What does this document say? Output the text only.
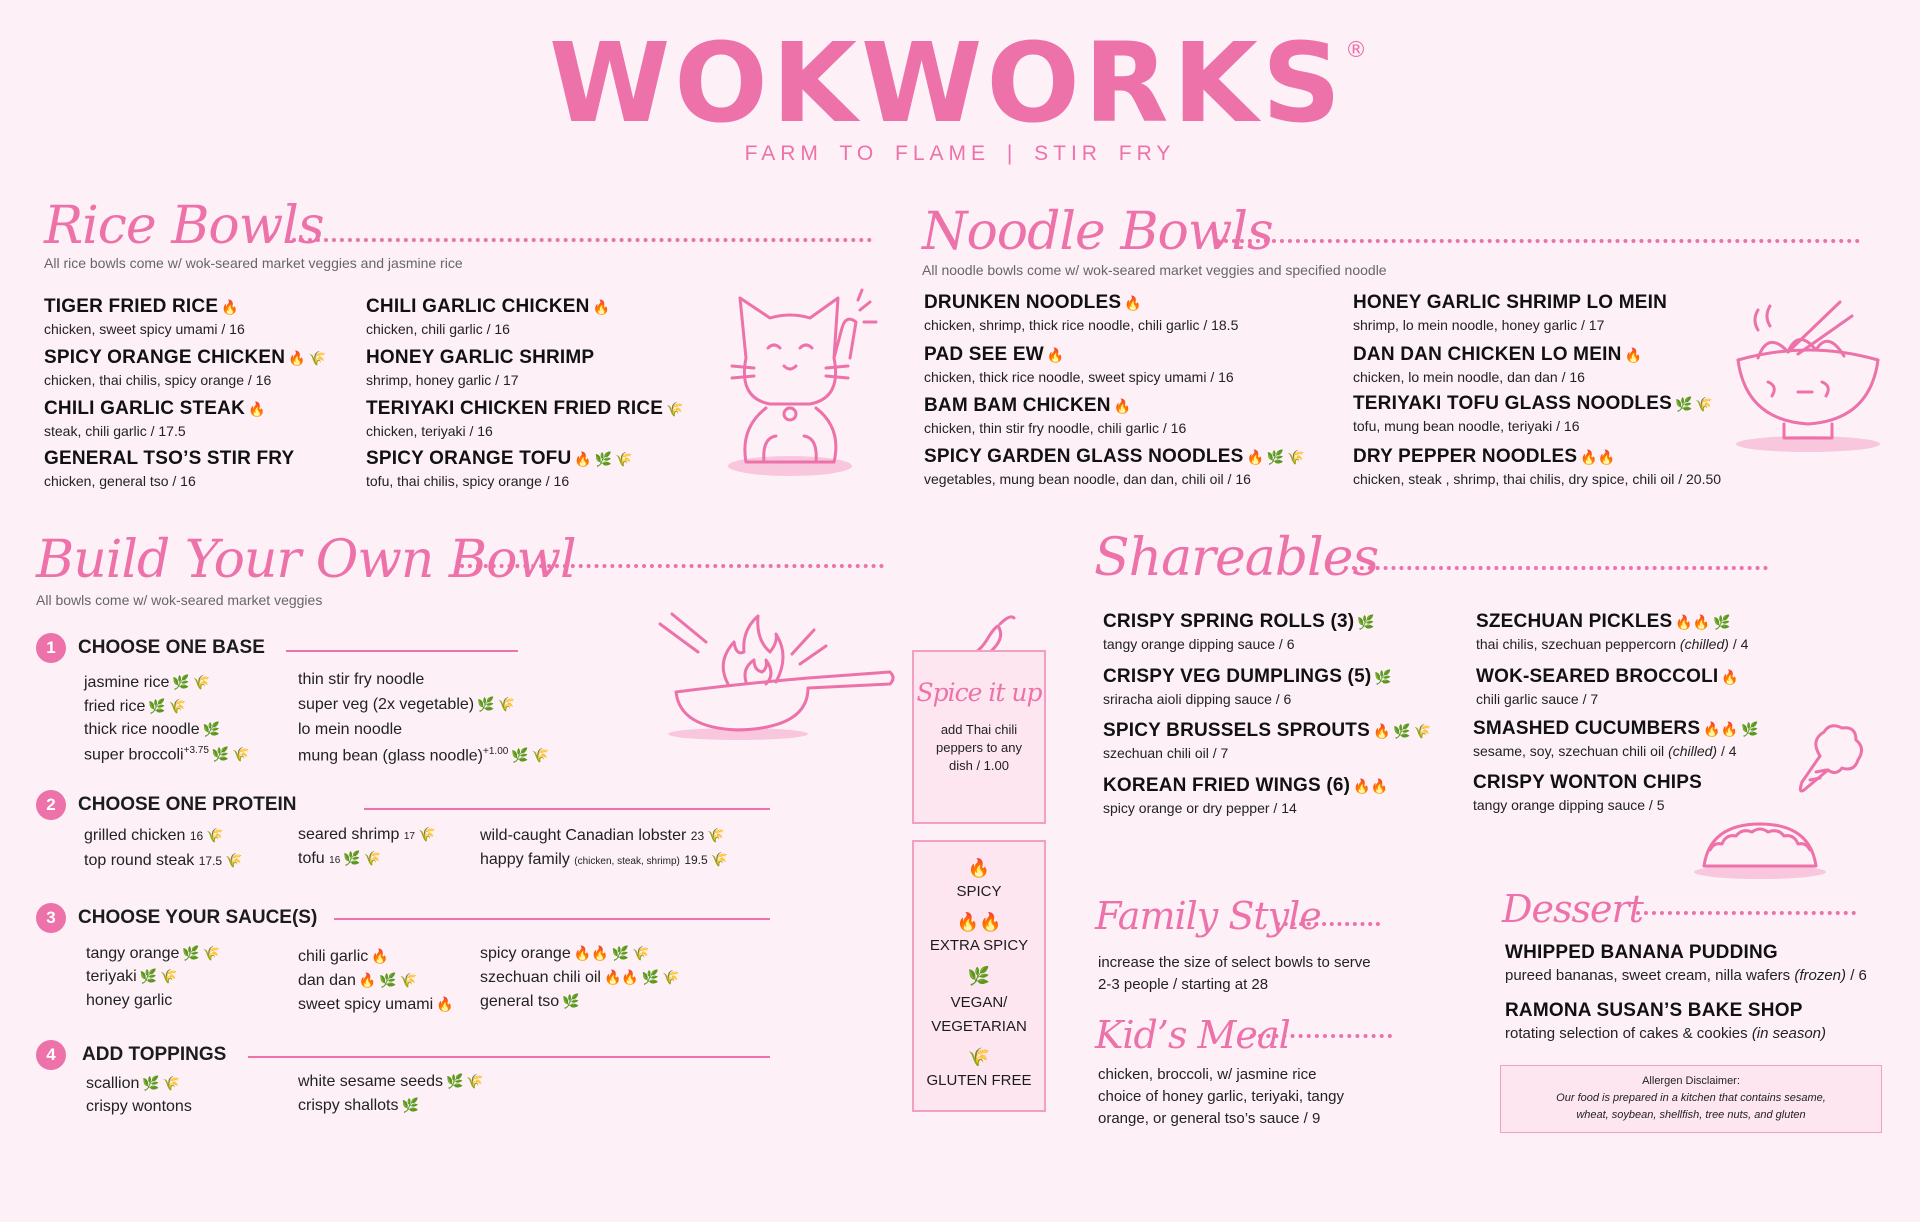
WOKWORKS®
FARM TO FLAME | STIR FRY
Rice Bowls
All rice bowls come w/ wok-seared market veggies and jasmine rice
TIGER FRIED RICE 🔥
chicken, sweet spicy umami / 16
SPICY ORANGE CHICKEN 🔥 🌾
chicken, thai chilis, spicy orange / 16
CHILI GARLIC STEAK 🔥
steak, chili garlic / 17.5
GENERAL TSO’S STIR FRY
chicken, general tso / 16
CHILI GARLIC CHICKEN 🔥
chicken, chili garlic / 16
HONEY GARLIC SHRIMP
shrimp, honey garlic / 17
TERIYAKI CHICKEN FRIED RICE 🌾
chicken, teriyaki / 16
SPICY ORANGE TOFU 🔥 🌿 🌾
tofu, thai chilis, spicy orange / 16
Noodle Bowls
All noodle bowls come w/ wok-seared market veggies and specified noodle
DRUNKEN NOODLES 🔥
chicken, shrimp, thick rice noodle, chili garlic / 18.5
PAD SEE EW 🔥
chicken, thick rice noodle, sweet spicy umami / 16
BAM BAM CHICKEN 🔥
chicken, thin stir fry noodle, chili garlic / 16
SPICY GARDEN GLASS NOODLES 🔥 🌿 🌾
vegetables, mung bean noodle, dan dan, chili oil / 16
HONEY GARLIC SHRIMP LO MEIN
shrimp, lo mein noodle, honey garlic / 17
DAN DAN CHICKEN LO MEIN 🔥
chicken, lo mein noodle, dan dan / 16
TERIYAKI TOFU GLASS NOODLES 🌿 🌾
tofu, mung bean noodle, teriyaki / 16
DRY PEPPER NOODLES 🔥🔥
chicken, steak , shrimp, thai chilis, dry spice, chili oil / 20.50
Build Your Own Bowl
All bowls come w/ wok-seared market veggies
1	CHOOSE ONE BASE
jasmine rice 🌿 🌾
fried rice 🌿 🌾
thick rice noodle 🌿
super broccoli$^{+3.75}$ 🌿 🌾
thin stir fry noodle
super veg (2x vegetable) 🌿 🌾
lo mein noodle
mung bean (glass noodle)$^{+1.00}$ 🌿 🌾
2	CHOOSE ONE PROTEIN
grilled chicken 16 🌾
top round steak 17.5 🌾
seared shrimp 17 🌾
tofu 16 🌿 🌾
wild-caught Canadian lobster 23 🌾
happy family (chicken, steak, shrimp) 19.5 🌾
3	CHOOSE YOUR SAUCE(S)
tangy orange 🌿 🌾
teriyaki 🌿 🌾
honey garlic
chili garlic 🔥
dan dan 🔥 🌿 🌾
sweet spicy umami 🔥
spicy orange 🔥🔥 🌿 🌾
szechuan chili oil 🔥🔥 🌿 🌾
general tso 🌿
4	ADD TOPPINGS
scallion 🌿 🌾
crispy wontons
white sesame seeds 🌿 🌾
crispy shallots 🌿
Spice it up
add Thai chili peppers to any dish / 1.00
🔥
SPICY
🔥🔥
EXTRA SPICY
🌿
VEGAN/ VEGETARIAN
🌾
GLUTEN FREE
Shareables
CRISPY SPRING ROLLS (3) 🌿
tangy orange dipping sauce / 6
CRISPY VEG DUMPLINGS (5) 🌿
sriracha aioli dipping sauce / 6
SPICY BRUSSELS SPROUTS 🔥 🌿 🌾
szechuan chili oil / 7
KOREAN FRIED WINGS (6) 🔥🔥
spicy orange or dry pepper / 14
SZECHUAN PICKLES 🔥🔥 🌿
thai chilis, szechuan peppercorn (chilled) / 4
WOK-SEARED BROCCOLI 🔥
chili garlic sauce / 7
SMASHED CUCUMBERS 🔥🔥 🌿
sesame, soy, szechuan chili oil (chilled) / 4
CRISPY WONTON CHIPS
tangy orange dipping sauce / 5
Family Style
increase the size of select bowls to serve
2-3 people / starting at 28
Kid’s Meal
chicken, broccoli, w/ jasmine rice
choice of honey garlic, teriyaki, tangy
orange, or general tso’s sauce / 9
Dessert
WHIPPED BANANA PUDDING
pureed bananas, sweet cream, nilla wafers (frozen) / 6
RAMONA SUSAN’S BAKE SHOP
rotating selection of cakes & cookies (in season)
Allergen Disclaimer:
Our food is prepared in a kitchen that contains sesame,
wheat, soybean, shellfish, tree nuts, and gluten
